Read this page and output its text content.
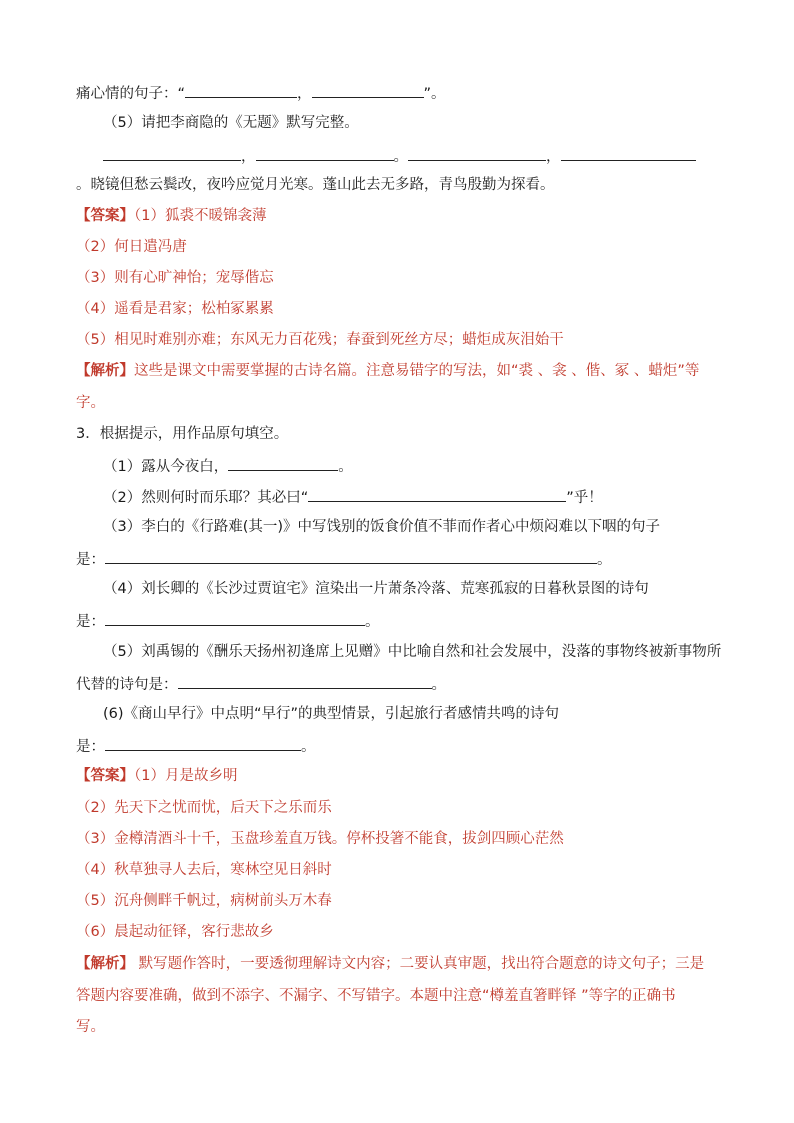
痛心情的句子：“	，	”。
（5）请把李商隐的《无题》默写完整。
，	。	，
。晓镜但愁云鬓改，夜吟应觉月光寒。蓬山此去无多路，青鸟殷勤为探看。
【答案】（1）狐裘不暖锦衾薄
（2）何日遣冯唐
（3）则有心旷神怡；宠辱偕忘
（4）遥看是君家；松柏冢累累
（5）相见时难别亦难；东风无力百花残；春蚕到死丝方尽；蜡炬成灰泪始干
【解析】这些是课文中需要掌握的古诗名篇。注意易错字的写法，如“裘 、衾 、偕、冢 、蜡炬”等
字。
3．根据提示，用作品原句填空。
（1）露从今夜白，	。
（2）然则何时而乐耶？其必曰“	”乎！
（3）李白的《行路难(其一)》中写饯别的饭食价值不菲而作者心中烦闷难以下咽的句子
是：	。
（4）刘长卿的《长沙过贾谊宅》渲染出一片萧条冷落、荒寒孤寂的日暮秋景图的诗句
是：	。
（5）刘禹锡的《酬乐天扬州初逢席上见赠》中比喻自然和社会发展中，没落的事物终被新事物所
代替的诗句是：	。
(6)《商山早行》中点明“早行”的典型情景，引起旅行者感情共鸣的诗句
是：	。
【答案】（1）月是故乡明
（2）先天下之忧而忧，后天下之乐而乐
（3）金樽清酒斗十千，玉盘珍羞直万钱。停杯投箸不能食，拔剑四顾心茫然
（4）秋草独寻人去后，寒林空见日斜时
（5）沉舟侧畔千帆过，病树前头万木春
（6）晨起动征铎，客行悲故乡
【解析】 默写题作答时，一要透彻理解诗文内容；二要认真审题，找出符合题意的诗文句子；三是
答题内容要准确，做到不添字、不漏字、不写错字。本题中注意“樽羞直箸畔铎 ”等字的正确书
写。
